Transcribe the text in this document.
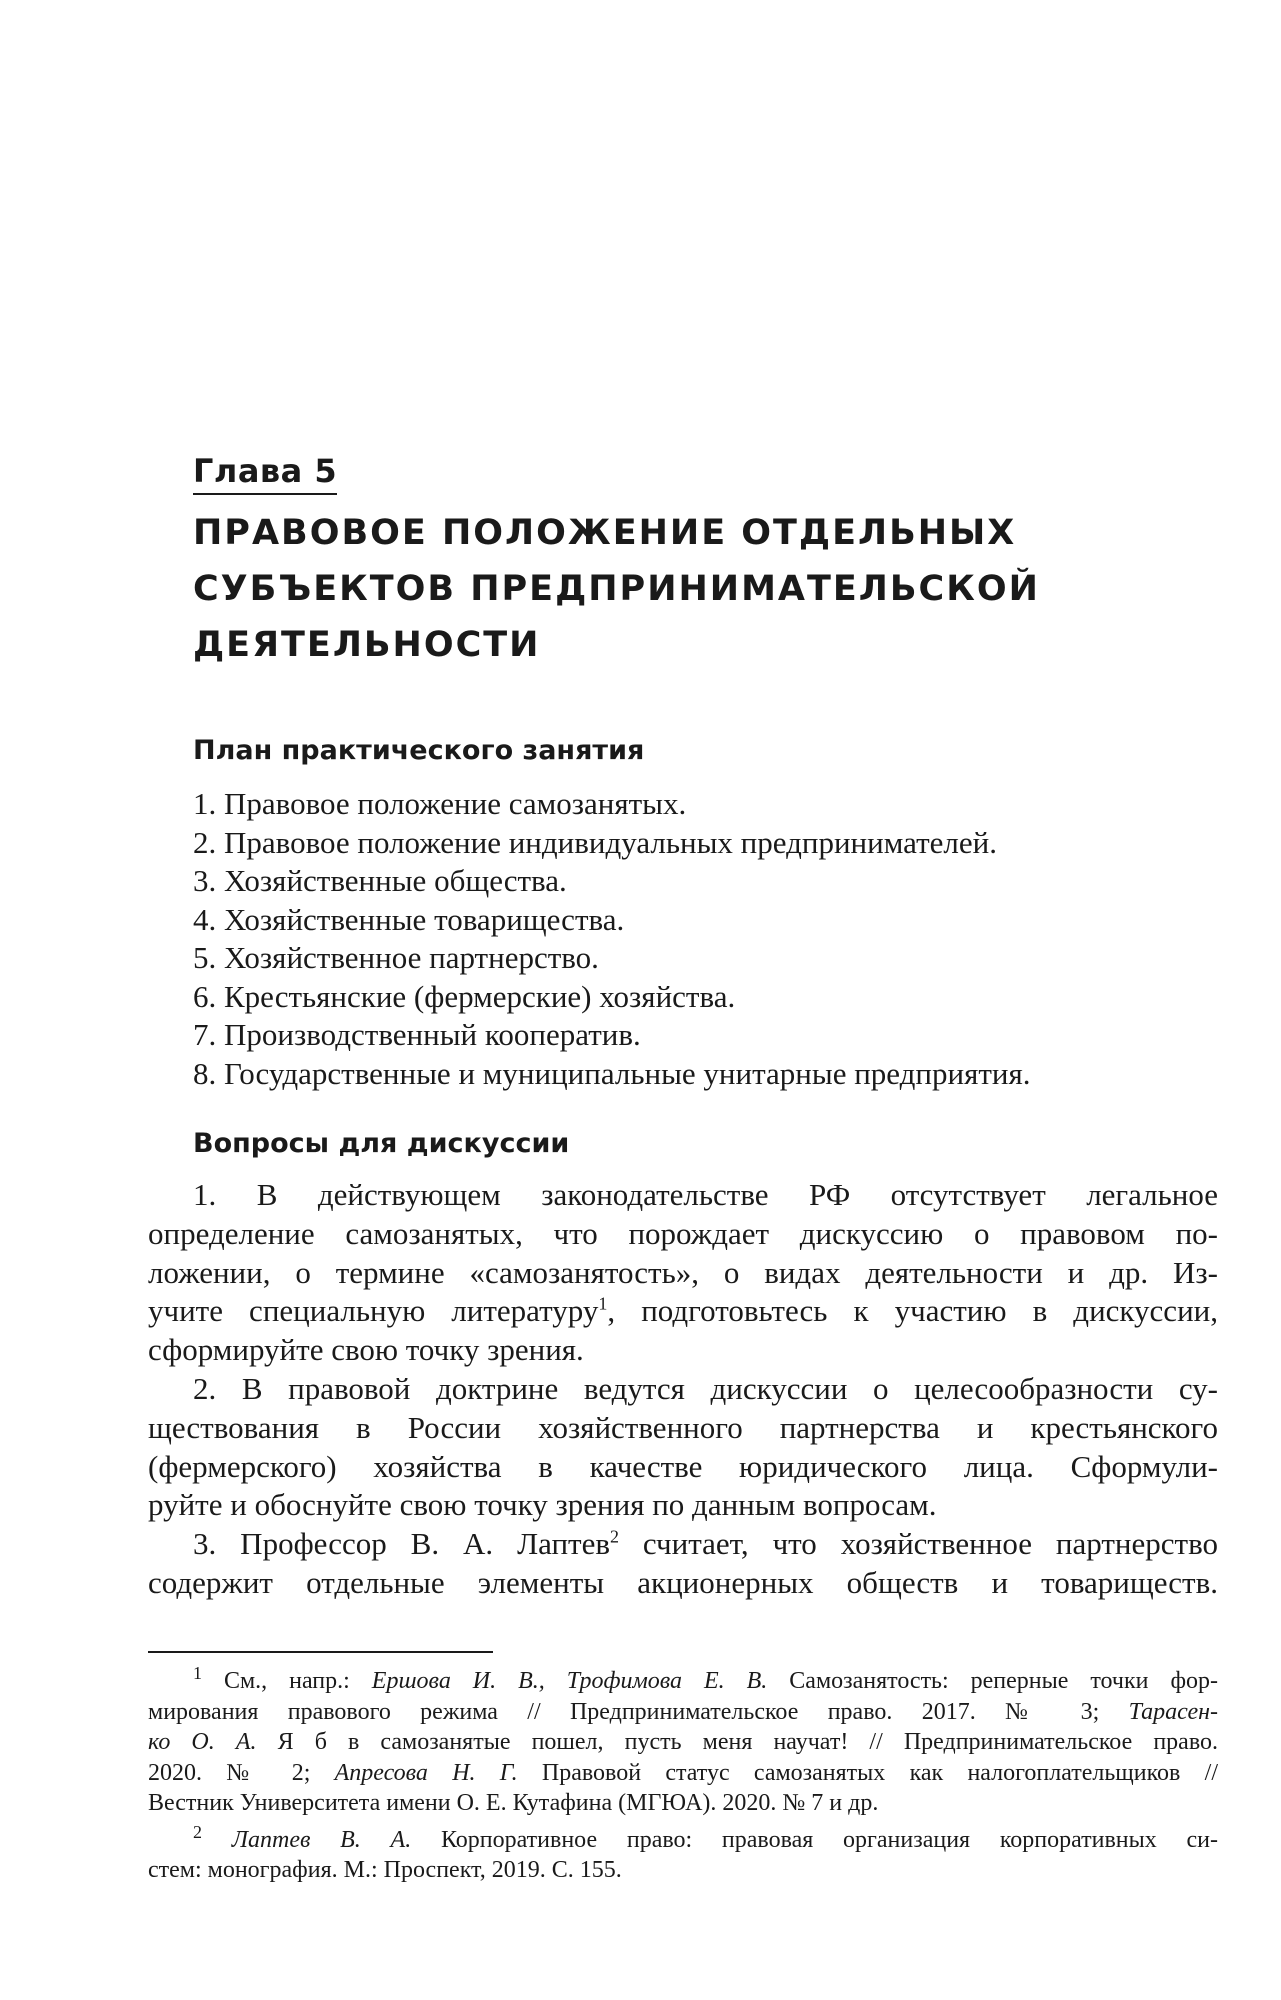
Глава 5
ПРАВОВОЕ ПОЛОЖЕНИЕ ОТДЕЛЬНЫХ
СУБЪЕКТОВ ПРЕДПРИНИМАТЕЛЬСКОЙ
ДЕЯТЕЛЬНОСТИ
План практического занятия
1. Правовое положение самозанятых.
2. Правовое положение индивидуальных предпринимателей.
3. Хозяйственные общества.
4. Хозяйственные товарищества.
5. Хозяйственное партнерство.
6. Крестьянские (фермерские) хозяйства.
7. Производственный кооператив.
8. Государственные и муниципальные унитарные предприятия.
Вопросы для дискуссии
1. В действующем законодательстве РФ отсутствует легальное
определение самозанятых, что порождает дискуссию о правовом по-
ложении, о термине «самозанятость», о видах деятельности и др. Из-
учите специальную литературу$^1$, подготовьтесь к участию в дискуссии,
сформируйте свою точку зрения.
2. В правовой доктрине ведутся дискуссии о целесообразности су-
ществования в России хозяйственного партнерства и крестьянского
(фермерского) хозяйства в качестве юридического лица. Сформули-
руйте и обоснуйте свою точку зрения по данным вопросам.
3. Профессор В. А. Лаптев$^2$ считает, что хозяйственное партнерство
содержит отдельные элементы акционерных обществ и товариществ.
$^1$ См., напр.: Ершова И. В., Трофимова Е. В. Самозанятость: реперные точки фор-
мирования правового режима // Предпринимательское право. 2017. № 3; Тарасен-
ко О. А. Я б в самозанятые пошел, пусть меня научат! // Предпринимательское право.
2020. № 2; Апресова Н. Г. Правовой статус самозанятых как налогоплательщиков //
Вестник Университета имени О. Е. Кутафина (МГЮА). 2020. № 7 и др.
$^2$ Лаптев В. А. Корпоративное право: правовая организация корпоративных си-
стем: монография. М.: Проспект, 2019. С. 155.
